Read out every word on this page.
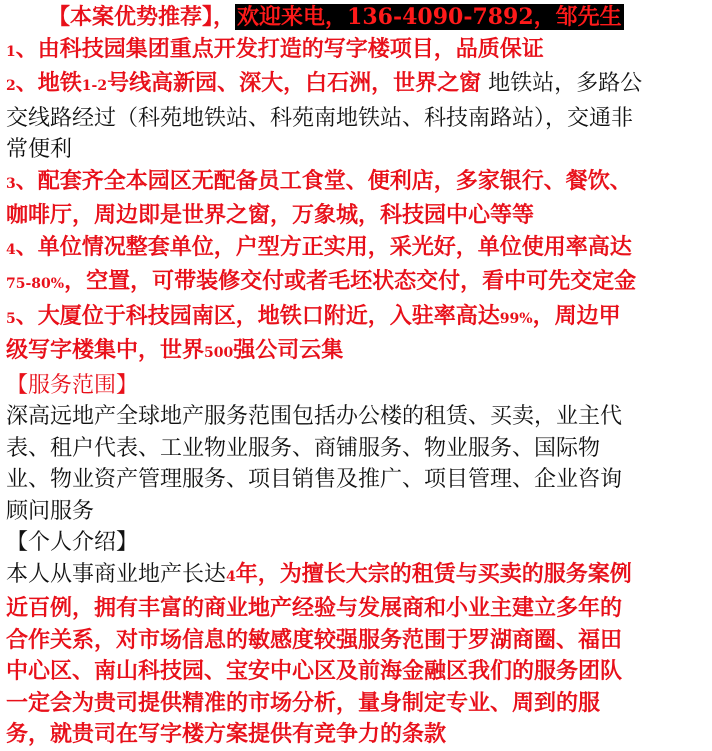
【本案优势推荐】，欢迎来电，136-4090-7892，邹先生
1、由科技园集团重点开发打造的写字楼项目，品质保证
2、地铁1-2号线高新园、深大，白石洲，世界之窗 地铁站，多路公
交线路经过（科苑地铁站、科苑南地铁站、科技南路站），交通非
常便利
3、配套齐全本园区无配备员工食堂、便利店，多家银行、餐饮、
咖啡厅，周边即是世界之窗，万象城，科技园中心等等
4、单位情况整套单位，户型方正实用，采光好，单位使用率高达
75-80%，空置，可带装修交付或者毛坯状态交付，看中可先交定金
5、大厦位于科技园南区，地铁口附近，入驻率高达99%，周边甲
级写字楼集中，世界500强公司云集
【服务范围】
深高远地产全球地产服务范围包括办公楼的租赁、买卖，业主代
表、租户代表、工业物业服务、商铺服务、物业服务、国际物
业、物业资产管理服务、项目销售及推广、项目管理、企业咨询
顾问服务
【个人介绍】
本人从事商业地产长达4年，为擅长大宗的租赁与买卖的服务案例
近百例，拥有丰富的商业地产经验与发展商和小业主建立多年的
合作关系，对市场信息的敏感度较强服务范围于罗湖商圈、福田
中心区、南山科技园、宝安中心区及前海金融区我们的服务团队
一定会为贵司提供精准的市场分析，量身制定专业、周到的服
务，就贵司在写字楼方案提供有竞争力的条款
